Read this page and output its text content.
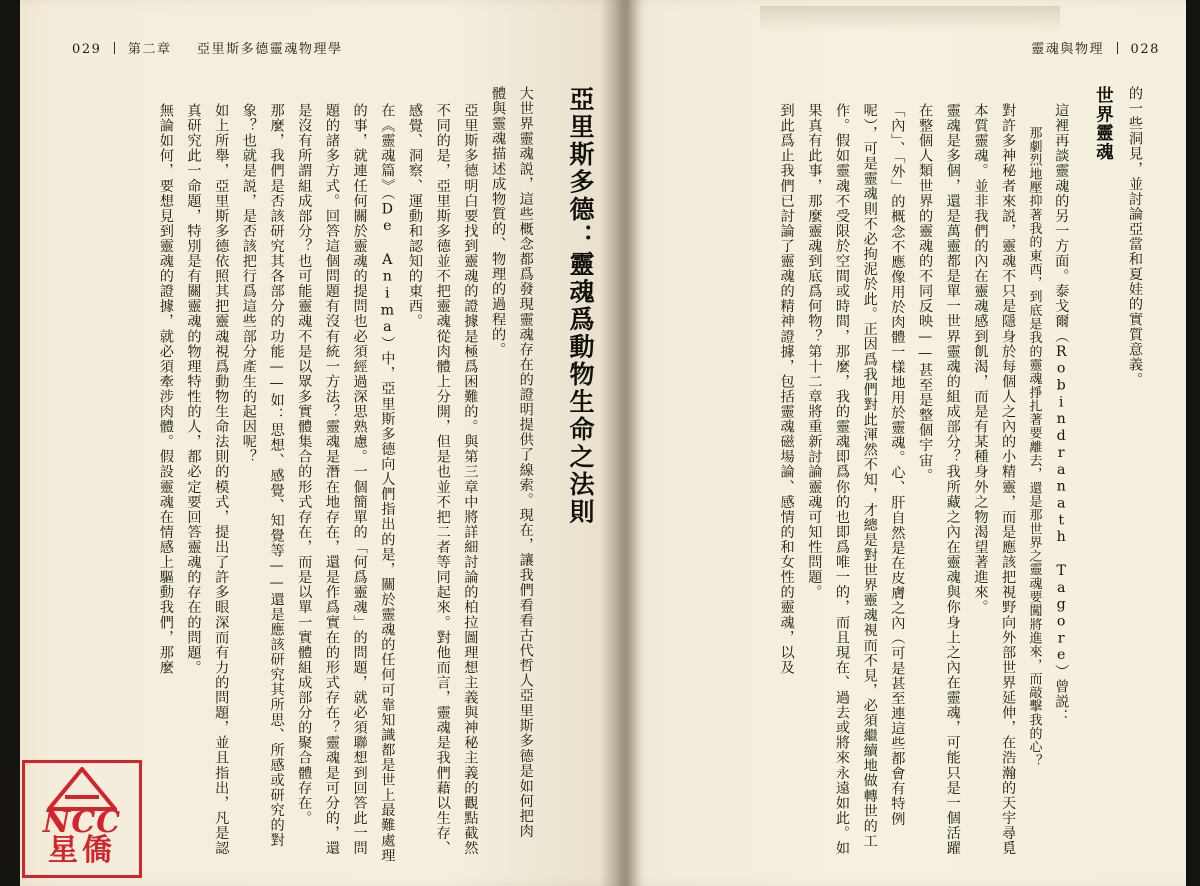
029 第二章 亞里斯多德靈魂物理學	靈魂與物理 028
亞里斯多德：靈魂爲動物生命之法則
大世界靈魂説，這些概念都爲發現靈魂存在的證明提供了線索。現在，讓我們看看古代哲人亞里斯多德是如何把肉體與靈魂描述成物質的、物理的過程的。
亞里斯多德明白要找到靈魂的證據是極爲困難的。與第三章中將詳細討論的柏拉圖理想主義與神秘主義的觀點截然不同的是，亞里斯多德並不把靈魂從肉體上分開，但是也並不把二者等同起來。對他而言，靈魂是我們藉以生存、感覺、洞察、運動和認知的東西。
在《靈魂篇》（De Anima）中，亞里斯多德向人們指出的是，關於靈魂的任何可靠知識都是世上最難處理的事，就連任何關於靈魂的提問也必須經過深思熟慮。一個簡單的「何爲靈魂」的問題，就必須聯想到回答此一問題的諸多方式。回答這個問題有沒有統一方法？靈魂是潛在地存在，還是作爲實在的形式存在？靈魂是可分的，還是沒有所謂組成部分？也可能靈魂不是以眾多實體集合的形式存在，而是以單一實體組成部分的聚合體存在。
那麼，我們是否該研究其各部分的功能——如：思想、感覺、知覺等——還是應該研究其所思、所感或研究的對象？也就是説，是否該把行爲這些部分產生的起因呢？
如上所舉，亞里斯多德依照其把靈魂視爲動物生命法則的模式，提出了許多眼深而有力的問題，並且指出，凡是認真研究此一命題，特別是有關靈魂的物理特性的人，都必定要回答靈魂的存在的問題。
無論如何，要想見到靈魂的證據，就必須牽涉肉體。假設靈魂在情感上驅動我們，那麼	的一些洞見，並討論亞當和夏娃的實質意義。
世界靈魂
這裡再談靈魂的另一方面。泰戈爾（Robindranath Tagore）曾説：
那劇烈地壓抑著我的東西，到底是我的靈魂掙扎著要離去，還是那世界之靈魂要闖將進來，而敲擊我的心？
對許多神秘者來説，靈魂不只是隱身於每個人之內的小精靈，而是應該把視野向外部世界延伸，在浩瀚的天宇尋覓本質靈魂。並非我們的內在靈魂感到飢渴，而是有某種身外之物渴望著進來。
靈魂是多個，還是萬靈都是單一世界靈魂的組成部分？我所藏之內在靈魂與你身上之內在靈魂，可能只是一個活躍在整個人類世界的靈魂的不同反映——甚至是整個宇宙。
「內」、「外」的概念不應像用於肉體一樣地用於靈魂。心、肝自然是在皮膚之內（可是甚至連這些都會有特例呢），可是靈魂則不必拘泥於此。正因爲我們對此渾然不知，才總是對世界靈魂視而不見，必須繼續地做轉世的工作。假如靈魂不受限於空間或時間，那麼，我的靈魂即爲你的也即爲唯一的，而且現在、過去或將來永遠如此。如果真有此事，那麼靈魂到底爲何物？第十二章將重新討論靈魂可知性問題。
到此爲止我們已討論了靈魂的精神證據，包括靈魂磁場論、感情的和女性的靈魂，以及
NCC
星僑
